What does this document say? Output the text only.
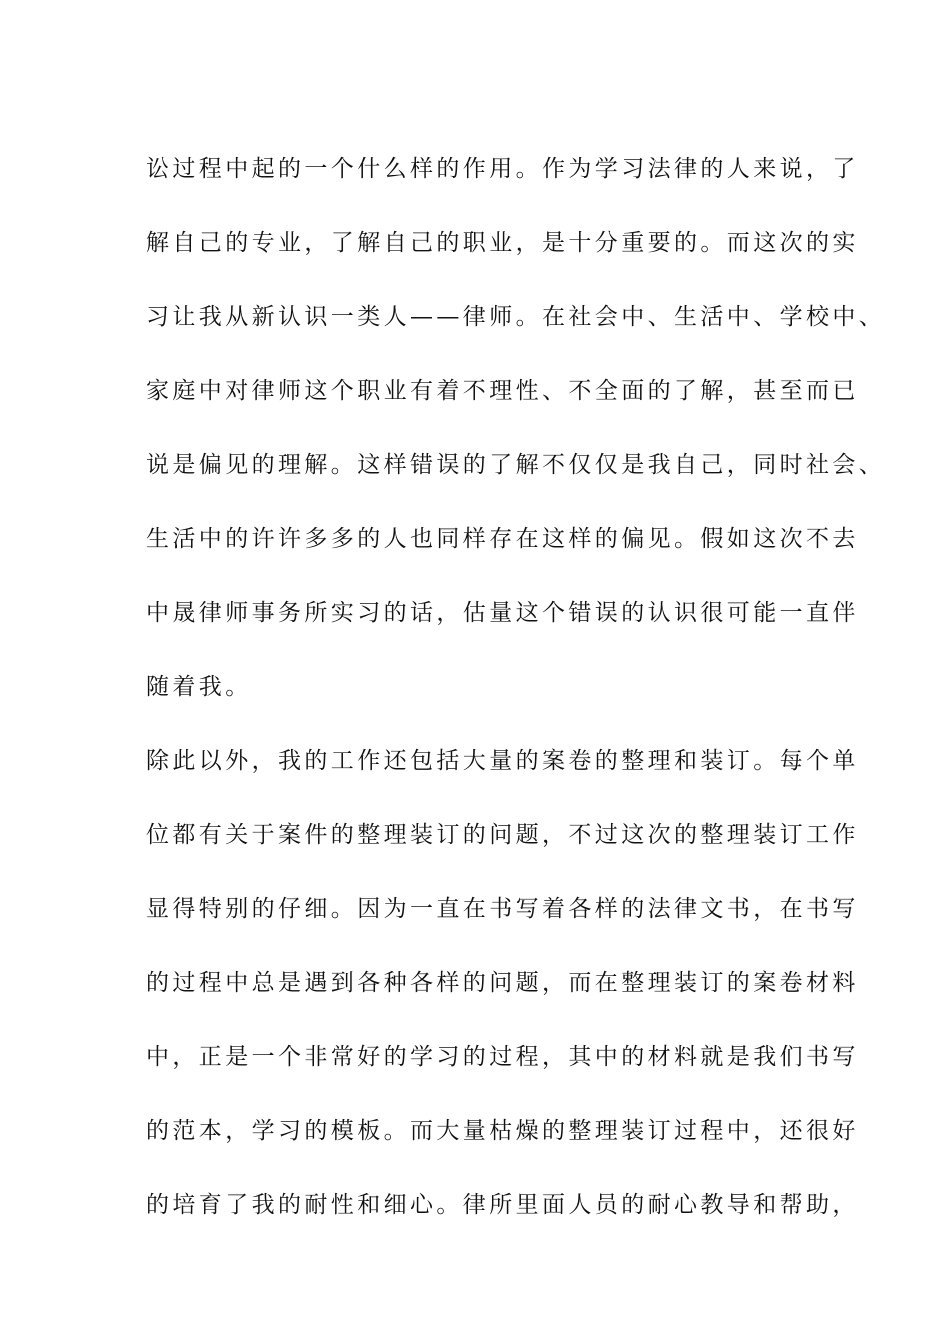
讼过程中起的一个什么样的作用。作为学习法律的人来说，了
解自己的专业，了解自己的职业，是十分重要的。而这次的实
习让我从新认识一类人——律师。在社会中、生活中、学校中、
家庭中对律师这个职业有着不理性、不全面的了解，甚至而已
说是偏见的理解。这样错误的了解不仅仅是我自己，同时社会、
生活中的许许多多的人也同样存在这样的偏见。假如这次不去
中晟律师事务所实习的话，估量这个错误的认识很可能一直伴
随着我。
除此以外，我的工作还包括大量的案卷的整理和装订。每个单
位都有关于案件的整理装订的问题，不过这次的整理装订工作
显得特别的仔细。因为一直在书写着各样的法律文书，在书写
的过程中总是遇到各种各样的问题，而在整理装订的案卷材料
中，正是一个非常好的学习的过程，其中的材料就是我们书写
的范本，学习的模板。而大量枯燥的整理装订过程中，还很好
的培育了我的耐性和细心。律所里面人员的耐心教导和帮助，
